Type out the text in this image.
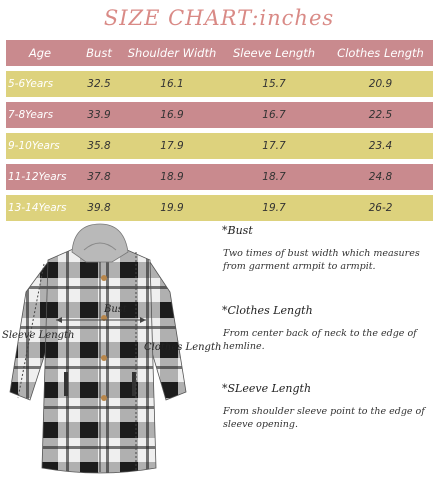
SIZE CHART:inches
Age	Bust	Shoulder Width	Sleeve Length	Clothes Length
5-6Years	32.5	16.1	15.7	20.9
7-8Years	33.9	16.9	16.7	22.5
9-10Years	35.8	17.9	17.7	23.4
11-12Years	37.8	18.9	18.7	24.8
13-14Years	39.8	19.9	19.7	26-2
Bust
Sleeve Length
Clothes Length
*Bust
Two times of bust width which measures from garment armpit to armpit.
*Clothes Length
From center back of neck to the edge of hemline.
*SLeeve Length
From shoulder sleeve point to the edge of sleeve opening.
